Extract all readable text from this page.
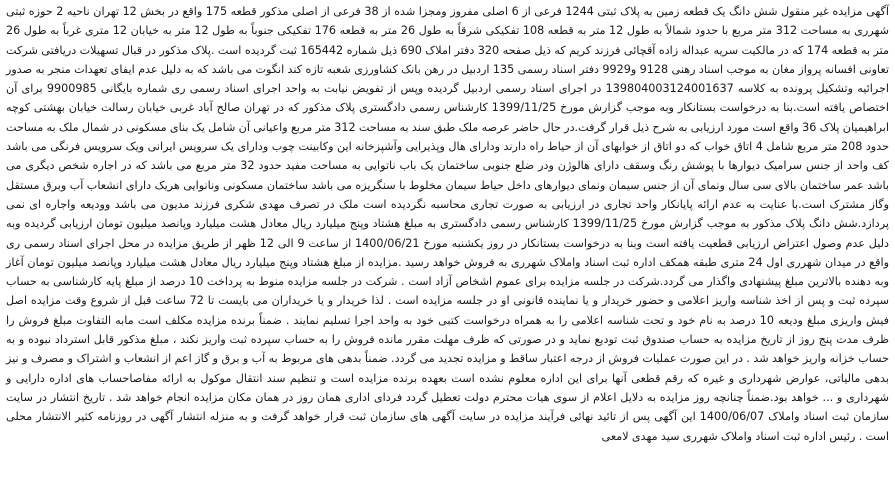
آگهی مزایده غیر منقول شش دانگ یک قطعه زمین به پلاک ثبتی 1244 فرعی از 6 اصلی مفروز ومجزا شده از 38 فرعی از اصلی مذکور قطعه 175 واقع در بخش 12 تهران ناحیه 2 حوزه ثبتی شهرری به مساحت 312 متر مربع با حدود شمالاً به طول 12 متر به قطعه 108 تفکیکی شرقاً به طول 26 متر به قطعه 176 تفکیکی جنوباً به طول 12 متر به خیابان 12 متری غرباً به طول 26 متر به قطعه 174 که در مالکیت سریه عبداله زاده آقچائی فرزند کریم که ذیل صفحه 320 دفتر املاک 690 ذیل شماره 165442 ثبت گردیده است .پلاک مذکور در قبال تسهیلات دریافتی شرکت تعاونی افسانه پرواز مغان به موجب اسناد رهنی 9128 و9929 دفتر اسناد رسمی 135 اردبیل در رهن بانک کشاورزی شعبه تازه کند انگوت می باشد که به دلیل عدم ایفای تعهدات منجر به صدور اجرائیه وتشکیل پرونده به کلاسه 139804003124001637 در اجرای اسناد رسمی اردبیل گردیده وپس از تفویض نیابت به واحد اجرای اسناد رسمی ری شماره بایگانی 9900985 برای آن اختصاص یافته است.بنا به درخواست بستانکار وبه موجب گزارش مورخ 1399/11/25 کارشناس رسمی دادگستری پلاک مذکور که در تهران صالح آباد غربی خیابان رسالت خیابان بهشتی کوچه ابراهیمیان پلاک 36 واقع است مورد ارزیابی به شرح ذیل قرار گرفت.در حال حاضر عرصه ملک طبق سند به مساحت 312 متر مربع واعیانی آن شامل یک بنای مسکونی در شمال ملک به مساحت حدود 208 متر مربع شامل 4 اتاق خواب که دو اتاق از خوابهای آن از حیاط راه دارند ودارای هال وپذیرایی وآشپزخانه این وکابینت چوب ودارای یک سرویس ایرانی ویک سرویس فرنگی می باشد کف واحد از جنس سرامیک دیوارها با پوشش رنگ وسقف دارای هالوژن ودر ضلع جنوبی ساختمان یک باب ناتوایی به مساحت مفید حدود 32 متر مربع می باشد که در اجاره شخص دیگری می باشد عمر ساختمان بالای سی سال ونمای آن از جنس سیمان ونمای دیوارهای داخل حیاط سیمان مخلوط با سنگریزه می باشد ساختمان مسکونی ونانوایی هریک دارای انشعاب آب وبرق مستقل وگاز مشترک است.با عنایت به عدم ارائه پایانکار واحد تجاری در ارزیابی به صورت تجاری محاسبه نگردیده است ملک در تصرف مهدی شکری فرزند مدیون می باشد وودیعه واجاره ای نمی پردازد.شش دانگ پلاک مذکور به موجب گزارش مورخ 1399/11/25 کارشناس رسمی دادگستری به مبلغ هشتاد وپنج میلیارد ریال معادل هشت میلیارد وپانصد میلیون تومان ارزیابی گردیده وبه دلیل عدم وصول اعتراض ارزیابی قطعیت یافته است وبنا به درخواست بستانکار در روز یکشنبه مورخ 1400/06/21 از ساعت 9 الی 12 ظهر از طریق مزایده در محل اجرای اسناد رسمی ری واقع در میدان شهرری اول 24 متری طبقه همکف اداره ثبت اسناد واملاک شهرری به فروش خواهد رسید .مزایده از مبلغ هشتاد وپنج میلیارد ریال معادل هشت میلیارد وپانصد میلیون تومان آغاز وبه دهنده بالاترین مبلغ پیشنهادی واگذار می گردد.شرکت در جلسه مزایده برای عموم اشخاص آزاد است . شرکت در جلسه مزایده منوط به پرداخت 10 درصد از مبلغ پایه کارشناسی به حساب سپرده ثبت و پس از اخذ شناسه واریز اعلامی و حضور خریدار و یا نماینده قانونی او در جلسه مزایده است . لذا خریدار و یا خریداران می بایست تا 72 ساعت قبل از شروع وقت مزایده اصل فیش واریزی مبلغ ودیعه 10 درصد به نام خود و تحت شناسه اعلامی را به همراه درخواست کتبی خود به واحد اجرا تسلیم نمایند . ضمناً برنده مزایده مکلف است مابه التفاوت مبلغ فروش را ظرف مدت پنج روز از تاریخ مزایده به حساب صندوق ثبت تودیع نماید و در صورتی که ظرف مهلت مقرر مانده فروش را به حساب سپرده ثبت واریز نکند ، مبلغ مذکور قابل استرداد نبوده و به حساب خزانه واریز خواهد شد . در این صورت عملیات فروش از درجه اعتبار ساقط و مزایده تجدید می گردد. ضمناً بدهی های مربوط به آب و برق و گاز اعم از انشعاب و اشتراک و مصرف و نیز بدهی مالیاتی، عوارض شهرداری و غیره که رقم قطعی آنها برای این اداره معلوم نشده است بعهده برنده مزایده است و تنظیم سند انتقال موکول به ارائه مفاصاحساب های اداره دارایی و شهرداری و ... خواهد بود.ضمناً چنانچه روز مزایده به دلایل اعلام از سوی هیات محترم دولت تعطیل گردد فردای اداری همان روز در همان مکان مزایده انجام خواهد شد . تاریخ انتشار در سایت سازمان ثبت اسناد واملاک 1400/06/07 این آگهی پس از تائید نهائی فرآیند مزایده در سایت آگهی های سازمان ثبت قرار خواهد گرفت و به منزله انتشار آگهی در روزنامه کثیر الانتشار محلی است . رئیس اداره ثبت اسناد واملاک شهرری سید مهدی لامعی
